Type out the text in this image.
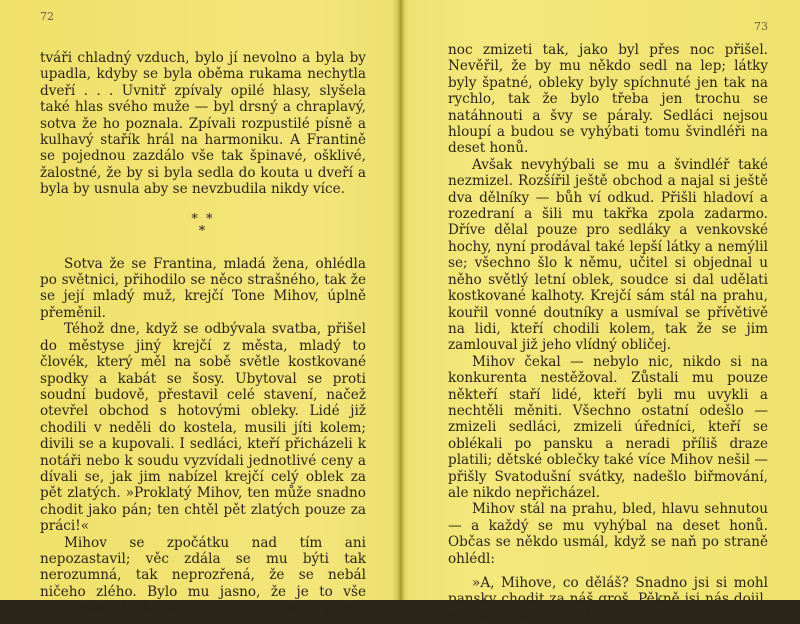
72

tváři chladný vzduch, bylo jí nevolno a byla by upadla, kdyby se byla oběma rukama nechytla dveří . . . Uvnitř zpívaly opilé hlasy, slyšela také hlas svého muže — byl drsný a chraplavý, sotva že ho poznala. Zpívali rozpustilé písně a kulhavý stařík hrál na harmoniku. A Frantině se pojednou zazdálo vše tak špinavé, ošklivé, žalostné, že by si byla sedla do kouta u dveří a byla by usnula aby se nevzbudila nikdy více.

* *
*

Sotva že se Frantina, mladá žena, ohlédla po světnici, přihodilo se něco strašného, tak že se její mladý muž, krejčí Tone Mihov, úplně přeměnil.

Téhož dne, když se odbývala svatba, přišel do městyse jiný krejčí z města, mladý to človék, který měl na sobě světle kostkované spodky a kabát se šosy. Ubytoval se proti soudní budově, přestavil celé stavení, načež otevřel obchod s hotovými obleky. Lidé již chodili v neděli do kostela, musili jíti kolem; divili se a kupovali. I sedláci, kteří přicházeli k notáři nebo k soudu vyzvídali jednotlivé ceny a dívali se, jak jim nabízel krejčí celý oblek za pět zlatých. »Proklatý Mihov, ten může snadno chodit jako pán; ten chtěl pět zlatých pouze za práci!«

Mihov se zpočátku nad tím ani nepozastavil; věc zdála se mu býti tak nerozumná, tak neprozřená, že se nebál ničeho zlého. Bylo mu jasno, že je to vše dohromady kejklířství a že vetřelec musí přes

73

noc zmizeti tak, jako byl přes noc přišel. Nevěřil, že by mu někdo sedl na lep; látky byly špatné, obleky byly spíchnuté jen tak na rychlo, tak že bylo třeba jen trochu se natáhnouti a švy se páraly. Sedláci nejsou hloupí a budou se vyhýbati tomu švindléři na deset honů.

Avšak nevyhýbali se mu a švindléř také nezmizel. Rozšířil ještě obchod a najal si ještě dva dělníky — bůh ví odkud. Přišli hladoví a rozedraní a šili mu takřka zpola zadarmo. Dříve dělal pouze pro sedláky a venkovské hochy, nyní prodával také lepší látky a nemýlil se; všechno šlo k němu, učitel si objednal u něho světlý letní oblek, soudce si dal udělati kostkované kalhoty. Krejčí sám stál na prahu, kouřil vonné doutníky a usmíval se přívětivě na lidi, kteří chodili kolem, tak že se jim zamlouval již jeho vlídný obličej.

Mihov čekal — nebylo nic, nikdo si na konkurenta nestěžoval. Zůstali mu pouze někteří staří lidé, kteří byli mu uvykli a nechtěli měniti. Všechno ostatní odešlo — zmizeli sedláci, zmizeli úředníci, kteří se oblékali po pansku a neradi příliš draze platili; dětské oblečky také více Mihov nešil — přišly Svatodušní svátky, nadešlo biřmování, ale nikdo nepřicházel.

Mihov stál na prahu, bled, hlavu sehnutou — a každý se mu vyhýbal na deset honů. Občas se někdo usmál, když se naň po straně ohlédl:

»A, Mihove, co děláš? Snadno jsi si mohl pansky chodit za náš groš. Pěkně jsi nás dojil, proklatý Mihove, dobře se ti stalo!«
